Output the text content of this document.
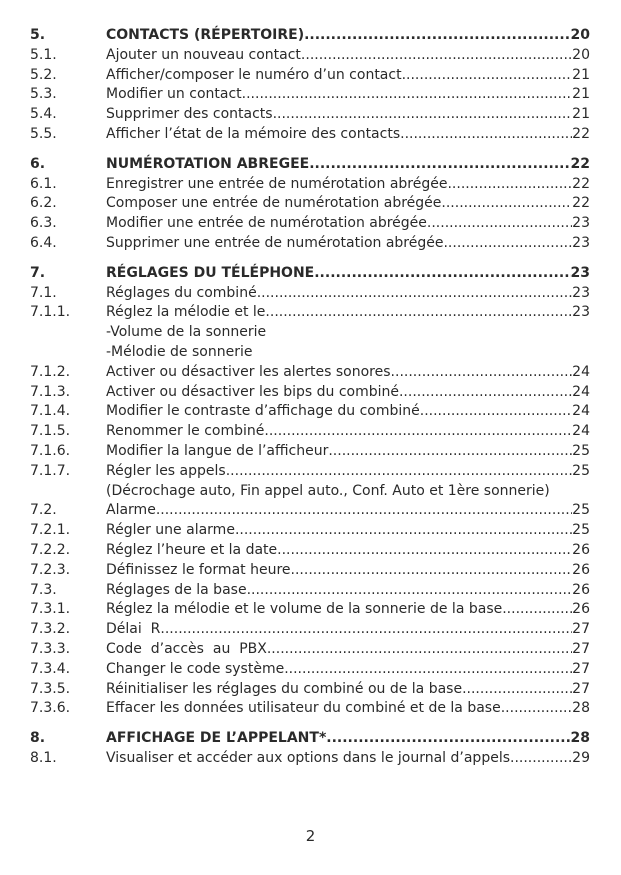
5.	CONTACTS (RÉPERTOIRE) .....	20
5.1.	Ajouter un nouveau contact .....	20
5.2.	Afficher/composer le numéro d’un contact .....	21
5.3.	Modifier un contact .....	21
5.4.	Supprimer des contacts .....	21
5.5.	Afficher l’état de la mémoire des contacts .....	22
6.	NUMÉROTATION ABREGEE .....	22
6.1.	Enregistrer une entrée de numérotation abrégée .....	22
6.2.	Composer une entrée de numérotation abrégée .....	22
6.3.	Modifier une entrée de numérotation abrégée .....	23
6.4.	Supprimer une entrée de numérotation abrégée .....	23
7.	RÉGLAGES DU TÉLÉPHONE .....	23
7.1.	Réglages du combiné .....	23
7.1.1.	Réglez la mélodie et le .....	23
-Volume de la sonnerie
-Mélodie de sonnerie
7.1.2.	Activer ou désactiver les alertes sonores .....	24
7.1.3.	Activer ou désactiver les bips du combiné .....	24
7.1.4.	Modifier le contraste d’affichage du combiné .....	24
7.1.5.	Renommer le combiné .....	24
7.1.6.	Modifier la langue de l’afficheur .....	25
7.1.7.	Régler les appels .....	25
(Décrochage auto, Fin appel auto., Conf. Auto et 1ère sonnerie)
7.2.	Alarme .....	25
7.2.1.	Régler une alarme .....	25
7.2.2.	Réglez l’heure et la date .....	26
7.2.3.	Définissez le format heure .....	26
7.3.	Réglages de la base .....	26
7.3.1.	Réglez la mélodie et le volume de la sonnerie de la base .....	26
7.3.2.	Délai  R .....	27
7.3.3.	Code  d’accès  au  PBX .....	27
7.3.4.	Changer le code système .....	27
7.3.5.	Réinitialiser les réglages du combiné ou de la base .....	27
7.3.6.	Effacer les données utilisateur du combiné et de la base .....	28
8.	AFFICHAGE DE L’APPELANT* .....	28
8.1.	Visualiser et accéder aux options dans le journal d’appels .....	29
2
